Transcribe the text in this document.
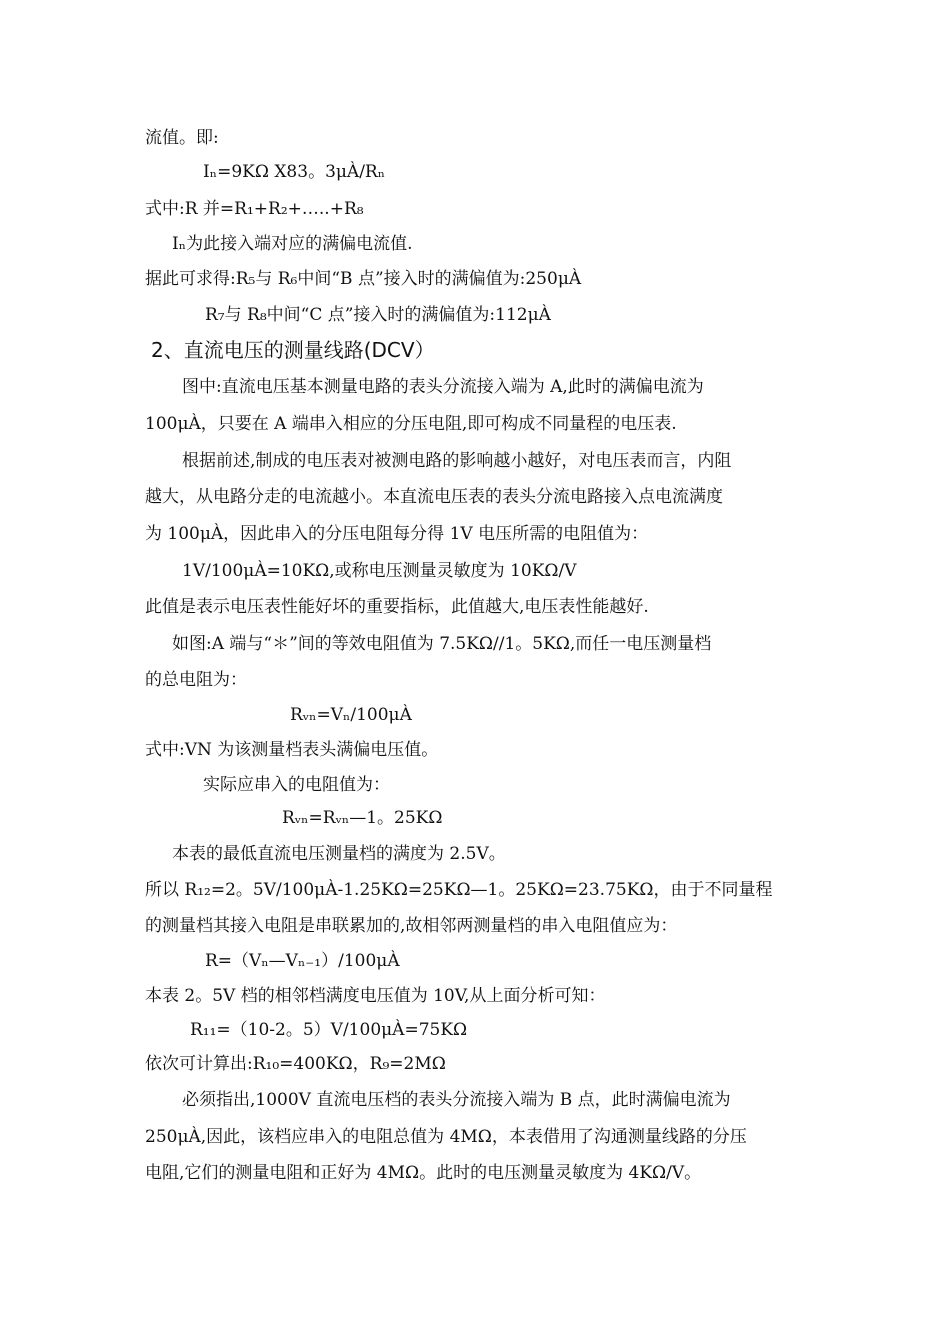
流值。即:
Iₙ=9KΩ X83。3μÀ/Rₙ
式中:R 并=R₁+R₂+…..+R₈
Iₙ为此接入端对应的满偏电流值.
据此可求得:R₅与 R₆中间“B 点”接入时的满偏值为:250μÀ
R₇与 R₈中间“C 点”接入时的满偏值为:112μÀ
2、直流电压的测量线路(DCV）
图中:直流电压基本测量电路的表头分流接入端为 A,此时的满偏电流为
100μÀ，只要在 A 端串入相应的分压电阻,即可构成不同量程的电压表.
根据前述,制成的电压表对被测电路的影响越小越好，对电压表而言，内阻
越大，从电路分走的电流越小。本直流电压表的表头分流电路接入点电流满度
为 100μÀ，因此串入的分压电阻每分得 1V 电压所需的电阻值为：
1V/100μÀ=10KΩ,或称电压测量灵敏度为 10KΩ/V
此值是表示电压表性能好坏的重要指标，此值越大,电压表性能越好.
如图:A 端与“＊”间的等效电阻值为 7.5KΩ//1。5KΩ,而任一电压测量档
的总电阻为：
Rᵥₙ=Vₙ/100μÀ
式中:VN 为该测量档表头满偏电压值。
实际应串入的电阻值为：
Rᵥₙ=Rᵥₙ—1。25KΩ
本表的最低直流电压测量档的满度为 2.5V。
所以 R₁₂=2。5V/100μÀ-1.25KΩ=25KΩ—1。25KΩ=23.75KΩ，由于不同量程
的测量档其接入电阻是串联累加的,故相邻两测量档的串入电阻值应为：
R=（Vₙ—Vₙ₋₁）/100μÀ
本表 2。5V 档的相邻档满度电压值为 10V,从上面分析可知：
R₁₁=（10-2。5）V/100μÀ=75KΩ
依次可计算出:R₁₀=400KΩ，R₉=2MΩ
必须指出,1000V 直流电压档的表头分流接入端为 B 点，此时满偏电流为
250μÀ,因此，该档应串入的电阻总值为 4MΩ，本表借用了沟通测量线路的分压
电阻,它们的测量电阻和正好为 4MΩ。此时的电压测量灵敏度为 4KΩ/V。
